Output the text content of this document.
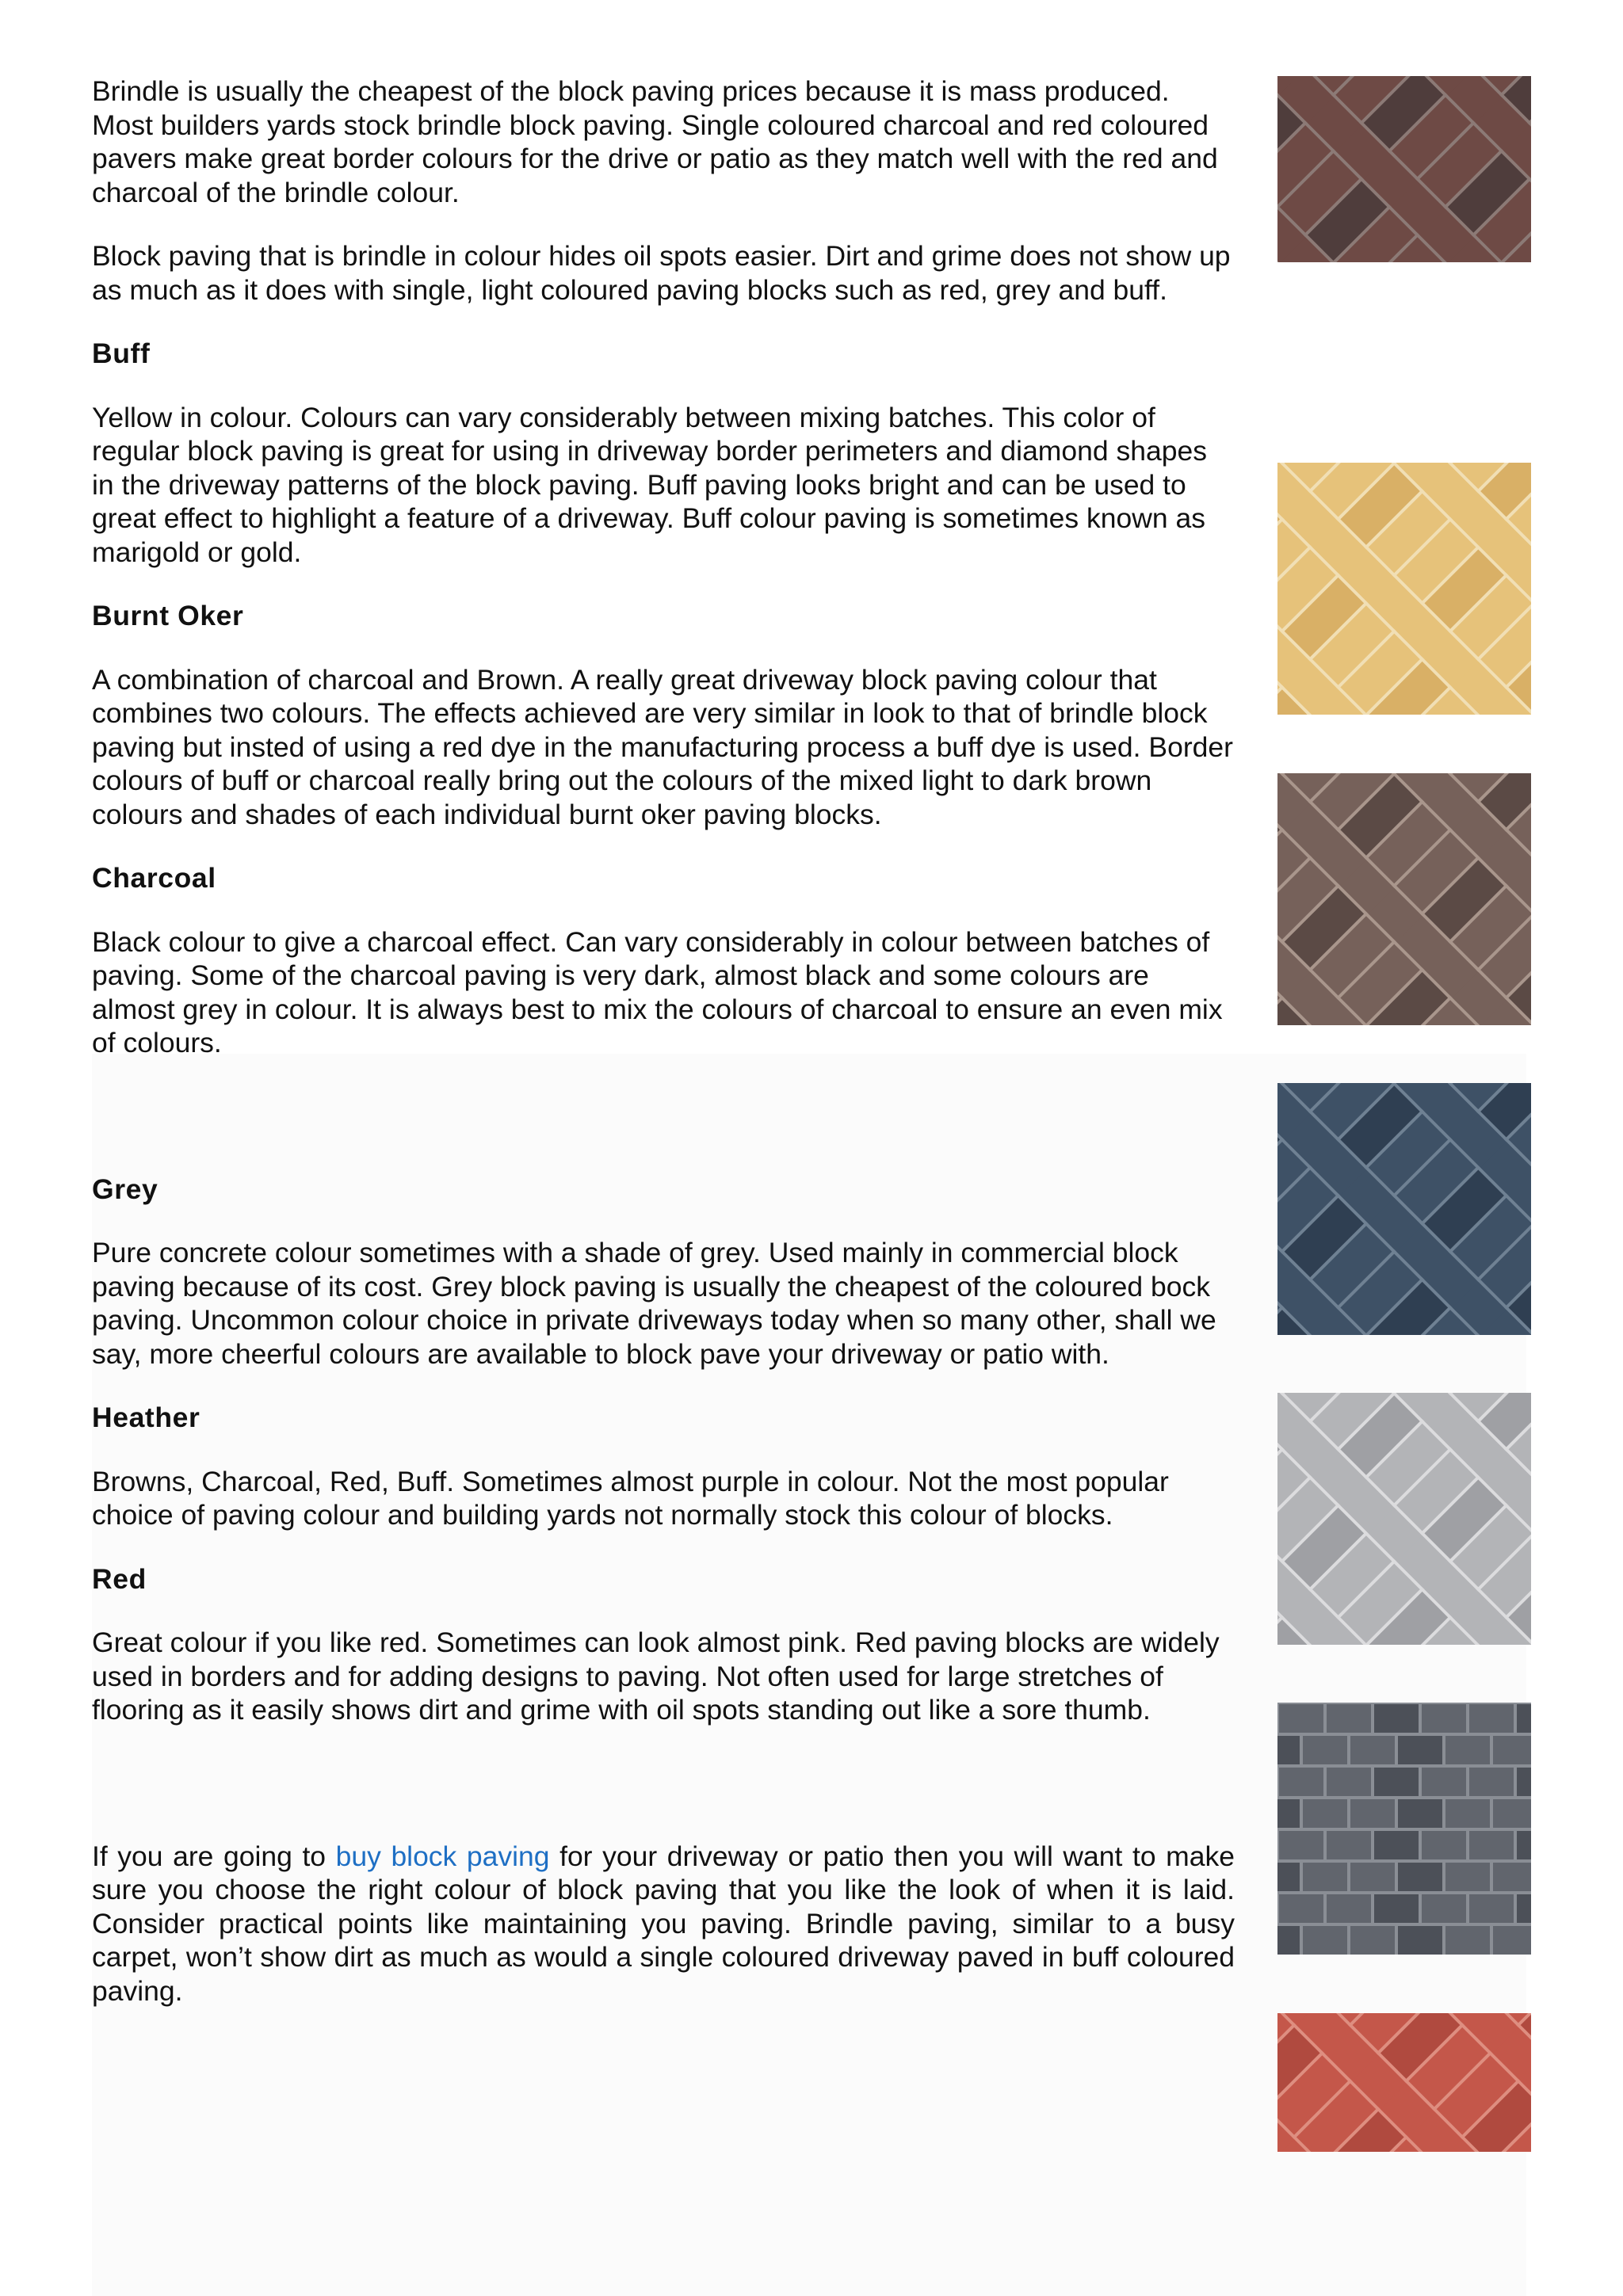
Brindle is usually the cheapest of the block paving prices because it is mass produced. Most builders yards stock brindle block paving. Single coloured charcoal and red coloured pavers make great border colours for the drive or patio as they match well with the red and charcoal of the brindle colour.

Block paving that is brindle in colour hides oil spots easier. Dirt and grime does not show up as much as it does with single, light coloured paving blocks such as red, grey and buff.

Buff

Yellow in colour. Colours can vary considerably between mixing batches. This color of regular block paving is great for using in driveway border perimeters and diamond shapes in the driveway patterns of the block paving. Buff paving looks bright and can be used to great effect to highlight a feature of a driveway. Buff colour paving is sometimes known as marigold or gold.

Burnt Oker

A combination of charcoal and Brown. A really great driveway block paving colour that combines two colours. The effects achieved are very similar in look to that of brindle block paving but insted of using a red dye in the manufacturing process a buff dye is used. Border colours of buff or charcoal really bring out the colours of the mixed light to dark brown colours and shades of each individual burnt oker paving blocks.

Charcoal

Black colour to give a charcoal effect. Can vary considerably in colour between batches of paving. Some of the charcoal paving is very dark, almost black and some colours are almost grey in colour. It is always best to mix the colours of charcoal to ensure an even mix of colours.

Grey

Pure concrete colour sometimes with a shade of grey. Used mainly in commercial block paving because of its cost. Grey block paving is usually the cheapest of the coloured bock paving. Uncommon colour choice in private driveways today when so many other, shall we say, more cheerful colours are available to block pave your driveway or patio with.

Heather

Browns, Charcoal, Red, Buff. Sometimes almost purple in colour. Not the most popular choice of paving colour and building yards not normally stock this colour of blocks.

Red

Great colour if you like red. Sometimes can look almost pink. Red paving blocks are widely used in borders and for adding designs to paving. Not often used for large stretches of flooring as it easily shows dirt and grime with oil spots standing out like a sore thumb.

If you are going to buy block paving for your driveway or patio then you will want to make sure you choose the right colour of block paving that you like the look of when it is laid. Consider practical points like maintaining you paving. Brindle paving, similar to a busy carpet, won’t show dirt as much as would a single coloured driveway paved in buff coloured paving.
